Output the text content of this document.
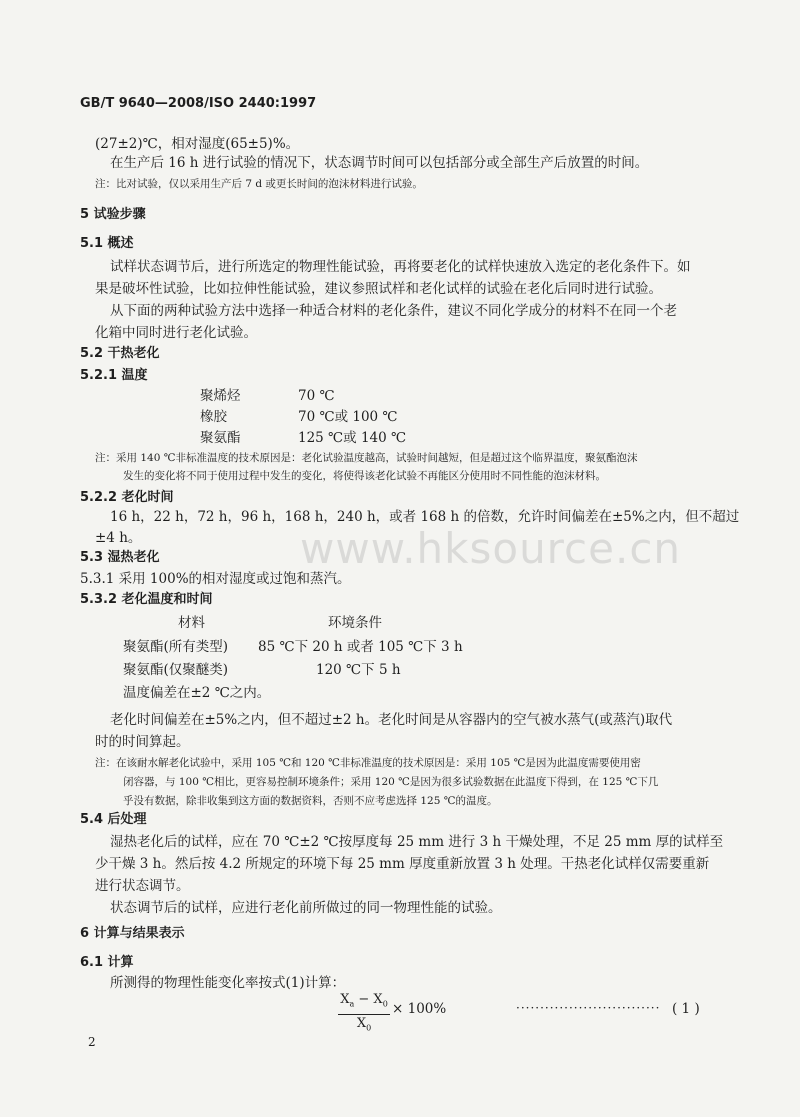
GB/T 9640—2008/ISO 2440:1997
(27±2)℃，相对湿度(65±5)%。
在生产后 16 h 进行试验的情况下，状态调节时间可以包括部分或全部生产后放置的时间。
注：比对试验，仅以采用生产后 7 d 或更长时间的泡沫材料进行试验。
5 试验步骤
5.1 概述
试样状态调节后，进行所选定的物理性能试验，再将要老化的试样快速放入选定的老化条件下。如
果是破坏性试验，比如拉伸性能试验，建议参照试样和老化试样的试验在老化后同时进行试验。
从下面的两种试验方法中选择一种适合材料的老化条件，建议不同化学成分的材料不在同一个老
化箱中同时进行老化试验。
5.2 干热老化
5.2.1 温度
聚烯烃	70 ℃
橡胶	70 ℃或 100 ℃
聚氨酯	125 ℃或 140 ℃
注：采用 140 ℃非标准温度的技术原因是：老化试验温度越高，试验时间越短，但是超过这个临界温度，聚氨酯泡沫
发生的变化将不同于使用过程中发生的变化，将使得该老化试验不再能区分使用时不同性能的泡沫材料。
5.2.2 老化时间
16 h，22 h，72 h，96 h，168 h，240 h，或者 168 h 的倍数，允许时间偏差在±5%之内，但不超过
±4 h。
5.3 湿热老化
5.3.1 采用 100%的相对湿度或过饱和蒸汽。
5.3.2 老化温度和时间
材料	环境条件
聚氨酯(所有类型) 85 ℃下 20 h 或者 105 ℃下 3 h
聚氨酯(仅聚醚类)	120 ℃下 5 h
温度偏差在±2 ℃之内。
老化时间偏差在±5%之内，但不超过±2 h。老化时间是从容器内的空气被水蒸气(或蒸汽)取代
时的时间算起。
注：在该耐水解老化试验中，采用 105 ℃和 120 ℃非标准温度的技术原因是：采用 105 ℃是因为此温度需要使用密
闭容器，与 100 ℃相比，更容易控制环境条件；采用 120 ℃是因为很多试验数据在此温度下得到，在 125 ℃下几
乎没有数据，除非收集到这方面的数据资料，否则不应考虑选择 125 ℃的温度。
5.4 后处理
湿热老化后的试样，应在 70 ℃±2 ℃按厚度每 25 mm 进行 3 h 干燥处理，不足 25 mm 厚的试样至
少干燥 3 h。然后按 4.2 所规定的环境下每 25 mm 厚度重新放置 3 h 处理。干热老化试样仅需要重新
进行状态调节。
状态调节后的试样，应进行老化前所做过的同一物理性能的试验。
6 计算与结果表示
6.1 计算
所测得的物理性能变化率按式(1)计算：
$\frac{X_a - X_0}{X_0} \times 100\%$	······························ ( 1 )
2
www.hksource.cn
